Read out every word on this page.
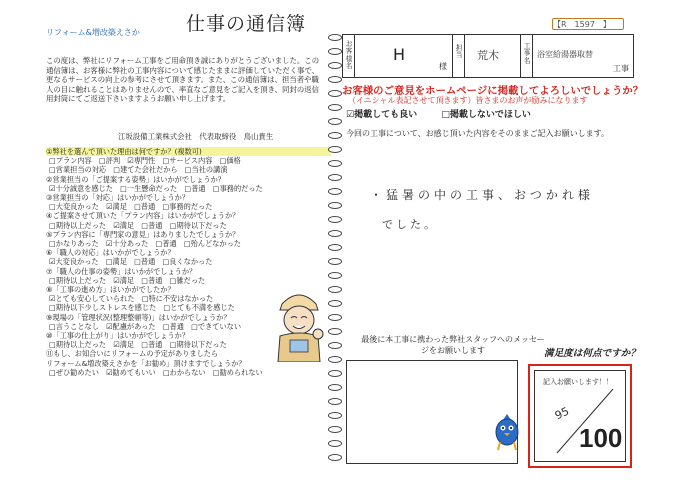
リフォーム&増改築えさか 仕事の通信簿
この度は、弊社にリフォーム工事をご用命頂き誠にありがとうございました。この通信簿は、お客様に弊社の工事内容について感じたままに評価していただく事で、更なるサービスの向上の参考にさせて頂きます。また、この通信簿は、担当者や職人の目に触れることはありませんので、率直なご意見をご記入を頂き、同封の返信用封筒にてご返送下さいますようお願い申し上げます。
江坂設備工業株式会社　代表取締役　鳥山貴生
①弊社を選んで頂いた理由は何ですか？(複数可)
□プラン内容　□評判　☑専門性　□サービス内容　□価格
□営業担当の対応　□建てた会社だから　□当社の講演
②営業担当の「ご提案する姿勢」はいかがでしょうか？
☑十分誠意を感じた　□一生懸命だった　□普通　□事務的だった
③営業担当の「対応」はいかがでしょうか？
□大変良かった　☑満足　□普通　□事務的だった
④ご提案させて頂いた「プラン内容」はいかがでしょうか？
□期待以上だった　☑満足　□普通　□期待以下だった
⑤プラン内容に「専門家の意見」はありましたでしょうか？
□かなりあった　☑十分あった　□普通　□殆んどなかった
⑥「職人の対応」はいかがでしょうか？
☑大変良かった　□満足　□普通　□良くなかった
⑦「職人の仕事の姿勢」はいかがでしょうか？
□期待以上だった　☑満足　□普通　□雑だった
⑧「工事の進め方」はいかがでしたか？
☑とても安心していられた　□特に不安はなかった
□期待以下少しストレスを感じた　□とても不満を感じた
⑨現場の「管理状況(整理整頓等)」はいかがでしょうか？
□言うことなし　☑配慮があった　□普通　□できていない
⑩「工事の仕上がり」はいかがでしょうか？
□期待以上だった　☑満足　□普通　□期待以下だった
⑪もし、お知合いにリフォームの予定がありましたら
リフォーム&増改築えさかを「お勧め」頂けますでしょうか？
□ぜひ勧めたい　☑勧めてもいい　□わからない　□勧められない
【R　1597　】
お客様名
H
様
担当 荒木
工事名
浴室給湯器取替
工事
お客様のご意見をホームページに掲載してよろしいでしょうか？
（イニシャル表記させて頂きます）皆さまのお声が励みになります
☑掲載しても良い	□掲載しないでほしい
今回の工事について、お感じ頂いた内容をそのままご記入お願いします。
・猛暑の中の工事、おつかれ様
でした。
最後に本工事に携わった弊社スタッフへのメッセージをお願いします	満足度は何点ですか？
記入お願いします！！
95
100
